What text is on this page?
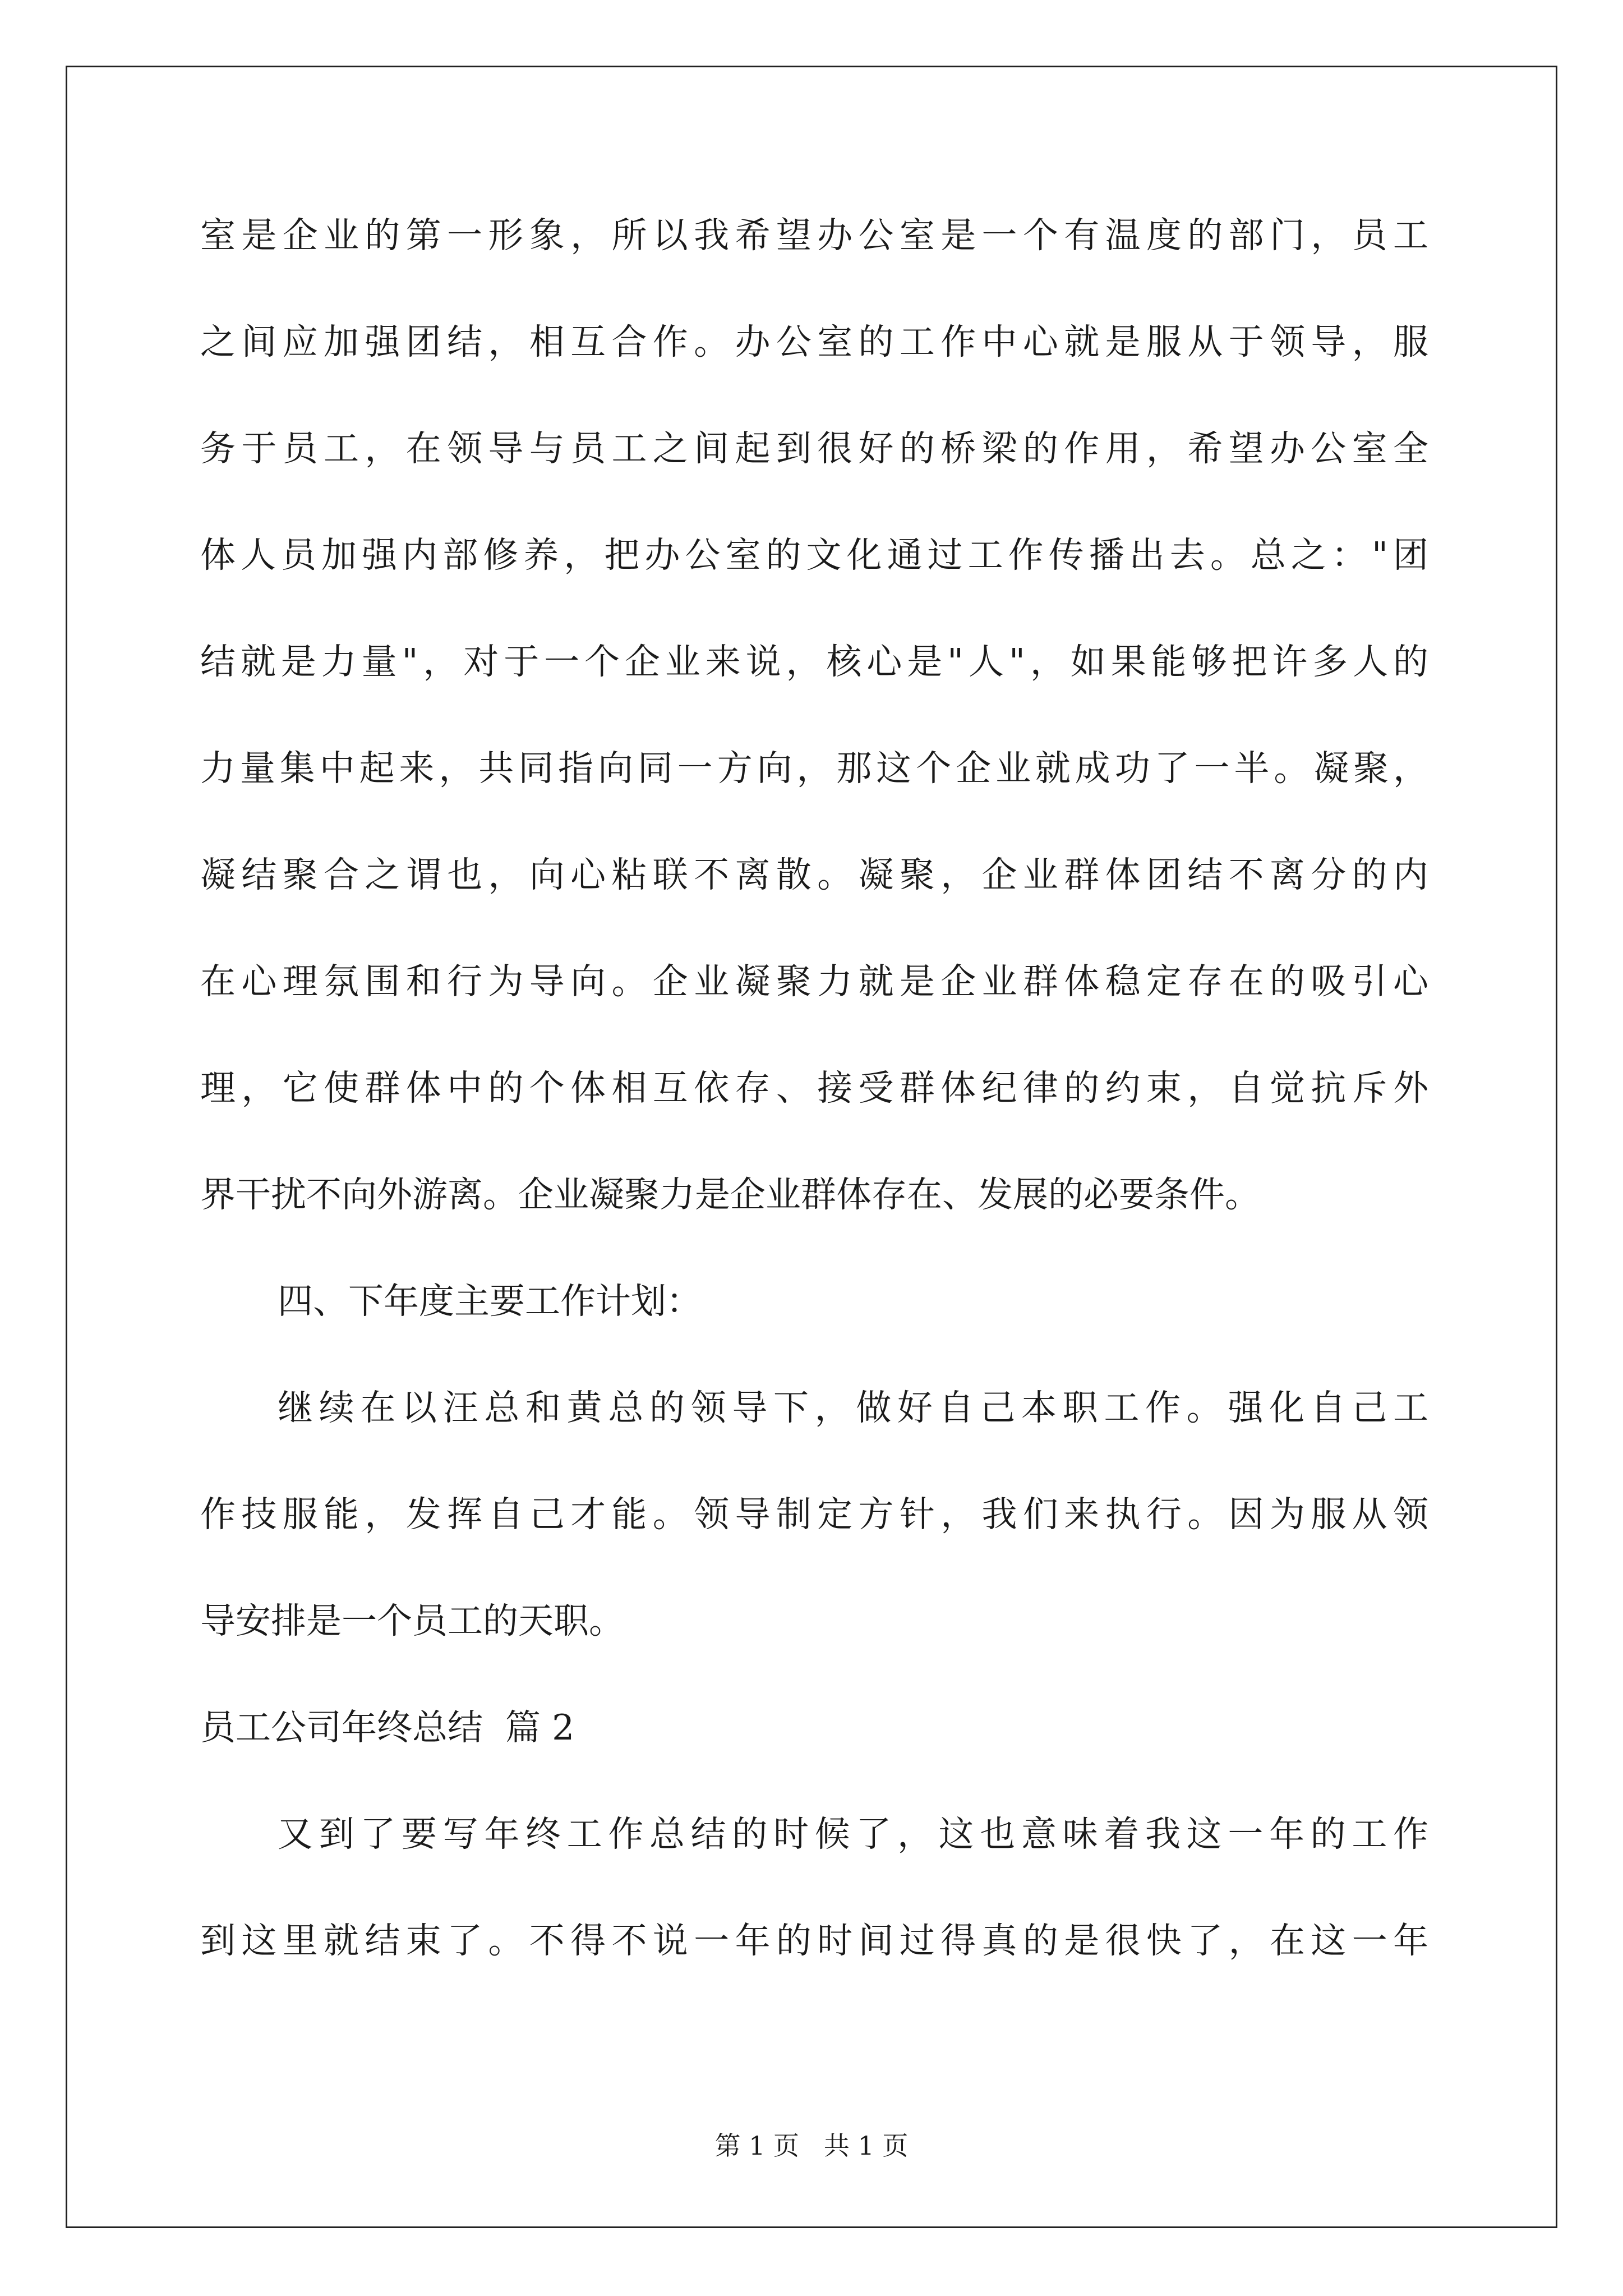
室是企业的第一形象，所以我希望办公室是一个有温度的部门，员工
之间应加强团结，相互合作。办公室的工作中心就是服从于领导，服
务于员工，在领导与员工之间起到很好的桥梁的作用，希望办公室全
体人员加强内部修养，把办公室的文化通过工作传播出去。总之："团
结就是力量"，对于一个企业来说，核心是"人"，如果能够把许多人的
力量集中起来，共同指向同一方向，那这个企业就成功了一半。凝聚，
凝结聚合之谓也，向心粘联不离散。凝聚，企业群体团结不离分的内
在心理氛围和行为导向。企业凝聚力就是企业群体稳定存在的吸引心
理，它使群体中的个体相互依存、接受群体纪律的约束，自觉抗斥外
界干扰不向外游离。企业凝聚力是企业群体存在、发展的必要条件。
四、下年度主要工作计划：
继续在以汪总和黄总的领导下，做好自己本职工作。强化自己工
作技服能，发挥自己才能。领导制定方针，我们来执行。因为服从领
导安排是一个员工的天职。
员工公司年终总结  篇 2
又到了要写年终工作总结的时候了，这也意味着我这一年的工作
到这里就结束了。不得不说一年的时间过得真的是很快了，在这一年
第 1 页   共 1 页
